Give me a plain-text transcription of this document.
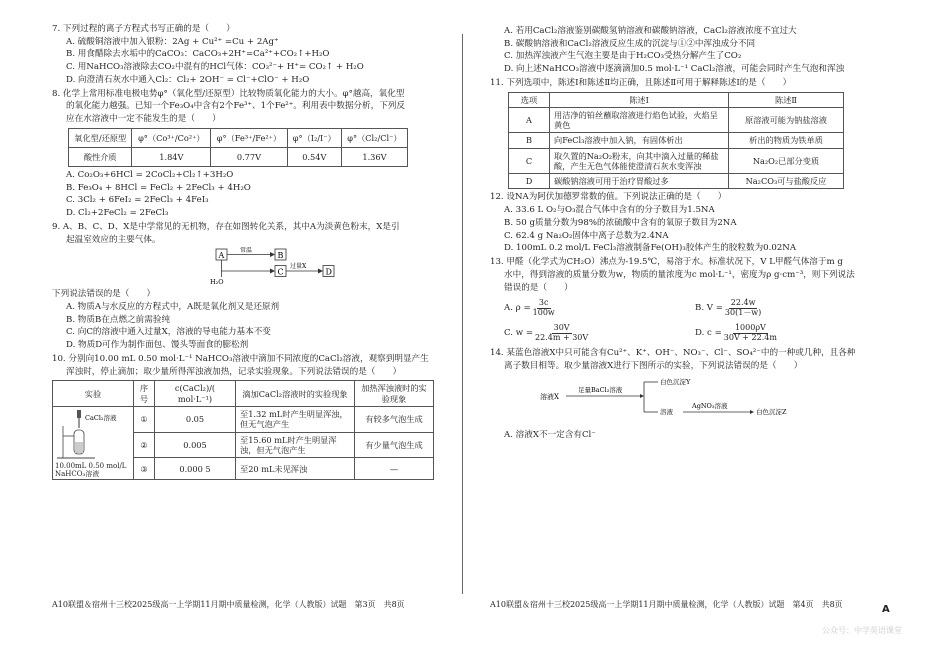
7. 下列过程的离子方程式书写正确的是（　　）
A. 硫酸铜溶液中加入银粉：2Ag + Cu²⁺ =Cu + 2Ag⁺
B. 用食醋除去水垢中的CaCO₃：CaCO₃+2H⁺=Ca²⁺+CO₂↑+H₂O
C. 用NaHCO₃溶液除去CO₂中混有的HCl气体：CO₃²⁻+ H⁺= CO₂↑ + H₂O
D. 向澄清石灰水中通入Cl₂：Cl₂+ 2OH⁻ = Cl⁻+ClO⁻ + H₂O
8. 化学上常用标准电极电势φ°（氧化型/还原型）比较物质氧化能力的大小。φ°越高，氧化型
的氧化能力越强。已知一个Fe₃O₄中含有2个Fe³⁺、1个Fe²⁺。利用表中数据分析，下列反
应在水溶液中一定不能发生的是（　　）
氧化型/还原型	φ°（Co³⁺/Co²⁺）	φ°（Fe³⁺/Fe²⁺）	φ°（I₂/I⁻）	φ°（Cl₂/Cl⁻）
酸性介质	1.84V	0.77V	0.54V	1.36V
A. Co₂O₃+6HCl = 2CoCl₂+Cl₂↑+3H₂O
B. Fe₃O₄ + 8HCl = FeCl₂ + 2FeCl₃ + 4H₂O
C. 3Cl₂ + 6FeI₂ = 2FeCl₃ + 4FeI₃
D. Cl₂+2FeCl₂ = 2FeCl₃
9. A、B、C、D、X是中学常见的无机物，存在如图转化关系，其中A为淡黄色粉末，X是引
起温室效应的主要气体。
A
常温
B
H₂O
C
过量X
D
下列说法错误的是（　　）
A. 物质A与水反应的方程式中，A既是氧化剂又是还原剂
B. 物质B在点燃之前需验纯
C. 向C的溶液中通入过量X，溶液的导电能力基本不变
D. 物质D可作为制作面包、馒头等面食的膨松剂
10. 分别向10.00 mL 0.50 mol·L⁻¹ NaHCO₃溶液中滴加不同浓度的CaCl₂溶液，观察到明显产生
浑浊时，停止滴加；取少量所得浑浊液加热，记录实验现象。下列说法错误的是（　　）
实验	序号	c(CaCl₂)/( mol·L⁻¹)	滴加CaCl₂溶液时的实验现象	加热浑浊液时的实验现象

CaCl₂溶液
10.00mL 0.50 mol/L
NaHCO₃溶液	①	0.05	至1.32 mL时产生明显浑浊，但无气泡产生	有较多气泡生成
	②	0.005	至15.60 mL时产生明显浑浊，但无气泡产生	有少量气泡生成
	③	0.000 5	至20 mL未见浑浊	—
A10联盟＆宿州十三校2025级高一上学期11月期中质量检测，化学（人教版）试题　第3页　共8页
A. 若用CaCl₂溶液鉴别碳酸氢钠溶液和碳酸钠溶液，CaCl₂溶液浓度不宜过大
B. 碳酸钠溶液和CaCl₂溶液反应生成的沉淀与①②中浑浊成分不同
C. 加热浑浊液产生气泡主要是由于H₂CO₃受热分解产生了CO₂
D. 向上述NaHCO₃溶液中逐滴滴加0.5 mol·L⁻¹ CaCl₂溶液，可能会同时产生气泡和浑浊
11. 下列选项中，陈述Ⅰ和陈述Ⅱ均正确，且陈述Ⅱ可用于解释陈述Ⅰ的是（　　）
选项	陈述Ⅰ	陈述Ⅱ
A	用洁净的铂丝蘸取溶液进行焰色试验，火焰呈黄色	原溶液可能为钠盐溶液
B	向FeCl₃溶液中加入钠，有固体析出	析出的物质为铁单质
C	取久置的Na₂O₂粉末，向其中滴入过量的稀盐酸，产生无色气体能使澄清石灰水变浑浊	Na₂O₂已部分变质
D	碳酸钠溶液可用于治疗胃酸过多	Na₂CO₃可与盐酸反应
12. 设NA为阿伏加德罗常数的值。下列说法正确的是（　　）
A. 33.6 L O₂与O₃混合气体中含有的分子数目为1.5NA
B. 50 g质量分数为98%的浓硫酸中含有的氧原子数目为2NA
C. 62.4 g Na₂O₂固体中离子总数为2.4NA
D. 100mL 0.2 mol/L FeCl₃溶液制备Fe(OH)₃胶体产生的胶粒数为0.02NA
13. 甲醛（化学式为CH₂O）沸点为-19.5℃，易溶于水。标准状况下，V L甲醛气体溶于m g
水中，得到溶液的质量分数为w，物质的量浓度为c mol·L⁻¹，密度为ρ g·cm⁻³，则下列说法
错误的是（　　）
A. $\rho = \frac{3c}{100w}$	B. $V = \frac{22.4w}{30(1-w)}$
C. $w = \frac{30V}{22.4m + 30V}$	D. $c = \frac{1000\rho V}{30V + 22.4m}$
14. 某蓝色溶液X中只可能含有Cu²⁺、K⁺、OH⁻、NO₃⁻、Cl⁻、SO₄²⁻中的一种或几种，且各种
离子数目相等。取少量溶液X进行下图所示的实验，下列说法错误的是（　　）
溶液X
足量BaCl₂溶液
白色沉淀Y
溶液
AgNO₃溶液
白色沉淀Z
A. 溶液X不一定含有Cl⁻
A10联盟＆宿州十三校2025级高一上学期11月期中质量检测，化学（人教版）试题　第4页　共8页	A
公众号：中学英语课堂
